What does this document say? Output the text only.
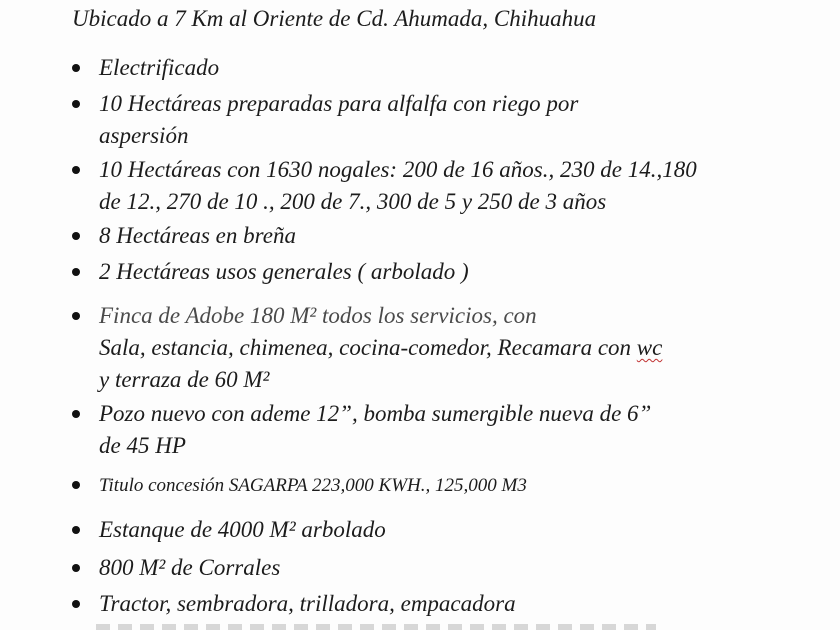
Ubicado a 7 Km al Oriente de Cd. Ahumada, Chihuahua
Electrificado
10 Hectáreas preparadas para alfalfa con riego por
aspersión
10 Hectáreas con 1630 nogales: 200 de 16 años., 230 de 14.,180
de 12., 270 de 10 ., 200 de 7., 300 de 5 y 250 de 3 años
8 Hectáreas en breña
2 Hectáreas usos generales ( arbolado )
Finca de Adobe 180 M² todos los servicios, con
Sala, estancia, chimenea, cocina-comedor, Recamara con wc
y terraza de 60 M²
Pozo nuevo con ademe 12”, bomba sumergible nueva de 6”
de 45 HP
Titulo concesión SAGARPA 223,000 KWH., 125,000 M3
Estanque de 4000 M² arbolado
800 M² de Corrales
Tractor, sembradora, trilladora, empacadora
